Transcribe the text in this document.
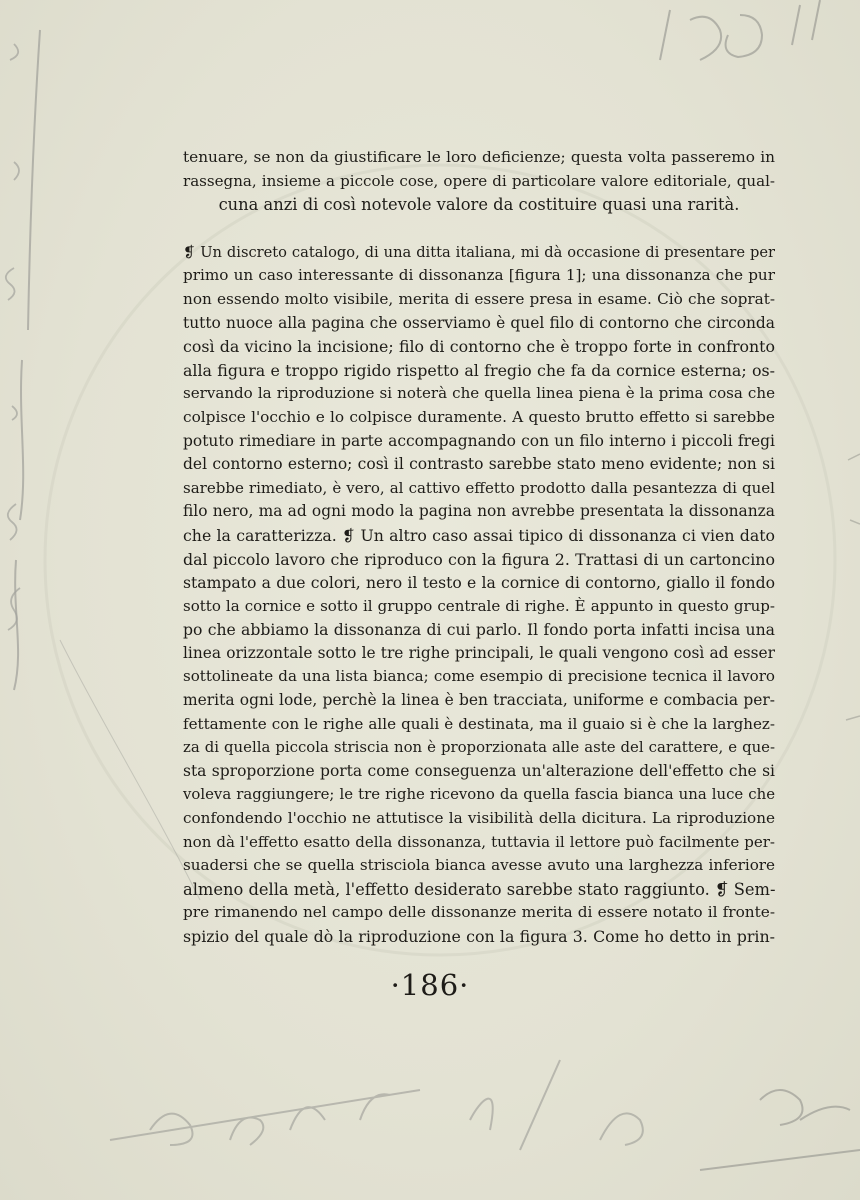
tenuare, se non da giustificare le loro deficienze; questa volta passeremo in
rassegna, insieme a piccole cose, opere di particolare valore editoriale, qual-
cuna anzi di così notevole valore da costituire quasi una rarità.
❡ Un discreto catalogo, di una ditta italiana, mi dà occasione di presentare per
primo un caso interessante di dissonanza [figura 1]; una dissonanza che pur
non essendo molto visibile, merita di essere presa in esame. Ciò che soprat-
tutto nuoce alla pagina che osserviamo è quel filo di contorno che circonda
così da vicino la incisione; filo di contorno che è troppo forte in confronto
alla figura e troppo rigido rispetto al fregio che fa da cornice esterna; os-
servando la riproduzione si noterà che quella linea piena è la prima cosa che
colpisce l'occhio e lo colpisce duramente. A questo brutto effetto si sarebbe
potuto rimediare in parte accompagnando con un filo interno i piccoli fregi
del contorno esterno; così il contrasto sarebbe stato meno evidente; non si
sarebbe rimediato, è vero, al cattivo effetto prodotto dalla pesantezza di quel
filo nero, ma ad ogni modo la pagina non avrebbe presentata la dissonanza
che la caratterizza. ❡ Un altro caso assai tipico di dissonanza ci vien dato
dal piccolo lavoro che riproduco con la figura 2. Trattasi di un cartoncino
stampato a due colori, nero il testo e la cornice di contorno, giallo il fondo
sotto la cornice e sotto il gruppo centrale di righe. È appunto in questo grup-
po che abbiamo la dissonanza di cui parlo. Il fondo porta infatti incisa una
linea orizzontale sotto le tre righe principali, le quali vengono così ad esser
sottolineate da una lista bianca; come esempio di precisione tecnica il lavoro
merita ogni lode, perchè la linea è ben tracciata, uniforme e combacia per-
fettamente con le righe alle quali è destinata, ma il guaio si è che la larghez-
za di quella piccola striscia non è proporzionata alle aste del carattere, e que-
sta sproporzione porta come conseguenza un'alterazione dell'effetto che si
voleva raggiungere; le tre righe ricevono da quella fascia bianca una luce che
confondendo l'occhio ne attutisce la visibilità della dicitura. La riproduzione
non dà l'effetto esatto della dissonanza, tuttavia il lettore può facilmente per-
suadersi che se quella strisciola bianca avesse avuto una larghezza inferiore
almeno della metà, l'effetto desiderato sarebbe stato raggiunto. ❡ Sem-
pre rimanendo nel campo delle dissonanze merita di essere notato il fronte-
spizio del quale dò la riproduzione con la figura 3. Come ho detto in prin-
·186·
